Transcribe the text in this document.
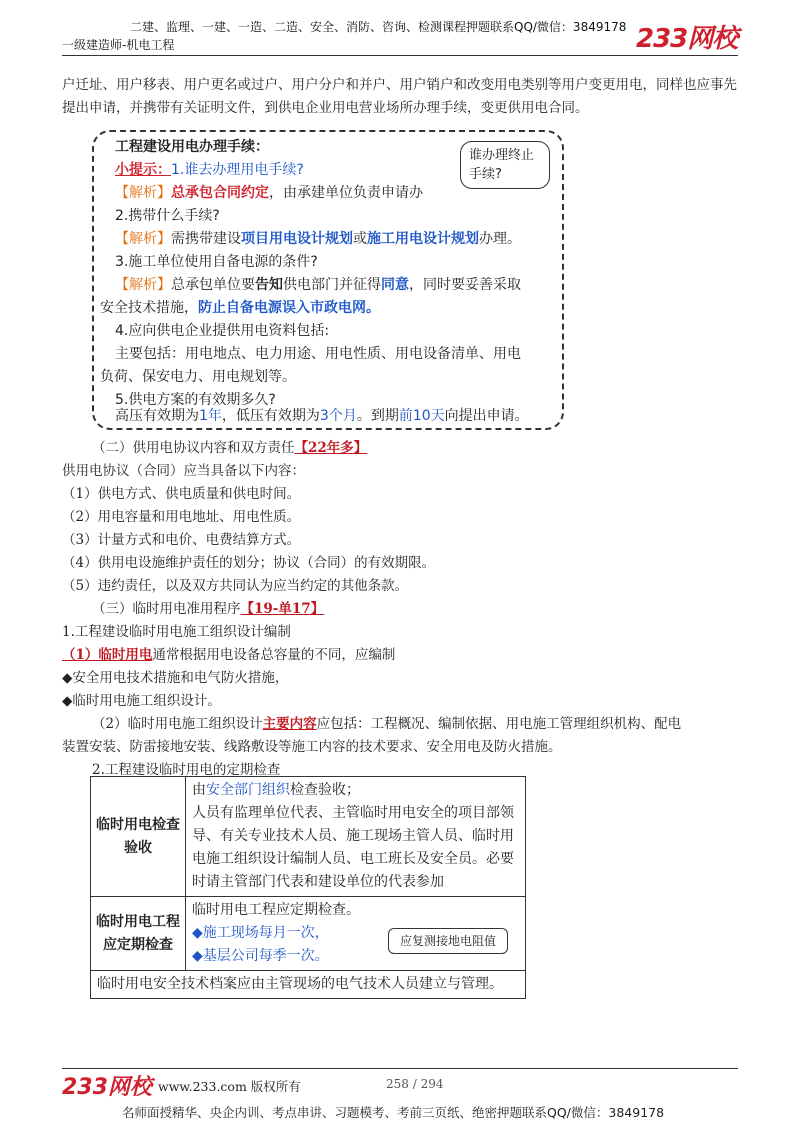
二建、监理、一建、一造、二造、安全、消防、咨询、检测课程押题联系QQ/微信：3849178
一级建造师-机电工程	233网校
户迁址、用户移表、用户更名或过户、用户分户和并户、用户销户和改变用电类别等用户变更用电，同样也应事先提出申请，并携带有关证明文件，到供电企业用电营业场所办理手续，变更供用电合同。
谁办理终止手续?
工程建设用电办理手续：
小提示：1.谁去办理用电手续?
【解析】总承包合同约定，由承建单位负责申请办
2.携带什么手续?
【解析】需携带建设项目用电设计规划或施工用电设计规划办理。
3.施工单位使用自备电源的条件?
【解析】总承包单位要告知供电部门并征得同意，同时要妥善采取
安全技术措施，防止自备电源误入市政电网。
4.应向供电企业提供用电资料包括:
主要包括：用电地点、电力用途、用电性质、用电设备清单、用电
负荷、保安电力、用电规划等。
5.供电方案的有效期多久?
高压有效期为1年，低压有效期为3个月。到期前10天向提出申请。
（二）供用电协议内容和双方责任【22年多】
供用电协议（合同）应当具备以下内容：
（1）供电方式、供电质量和供电时间。
（2）用电容量和用电地址、用电性质。
（3）计量方式和电价、电费结算方式。
（4）供用电设施维护责任的划分；协议（合同）的有效期限。
（5）违约责任，以及双方共同认为应当约定的其他条款。
（三）临时用电准用程序【19-单17】
1.工程建设临时用电施工组织设计编制
（1）临时用电通常根据用电设备总容量的不同，应编制
◆安全用电技术措施和电气防火措施，
◆临时用电施工组织设计。
（2）临时用电施工组织设计主要内容应包括：工程概况、编制依据、用电施工管理组织机构、配电
装置安装、防雷接地安装、线路敷设等施工内容的技术要求、安全用电及防火措施。
2.工程建设临时用电的定期检查
临时用电检查验收	由安全部门组织检查验收；
人员有监理单位代表、主管临时用电安全的项目部领导、有关专业技术人员、施工现场主管人员、临时用电施工组织设计编制人员、电工班长及安全员。必要时请主管部门代表和建设单位的代表参加
临时用电工程应定期检查	临时用电工程应定期检查。
◆施工现场每月一次，
◆基层公司每季一次。

临时用电安全技术档案应由主管现场的电气技术人员建立与管理。	
应复测接地电阻值
233网校 www.233.com 版权所有	258 / 294
名师面授精华、央企内训、考点串讲、习题模考、考前三页纸、绝密押题联系QQ/微信：3849178
